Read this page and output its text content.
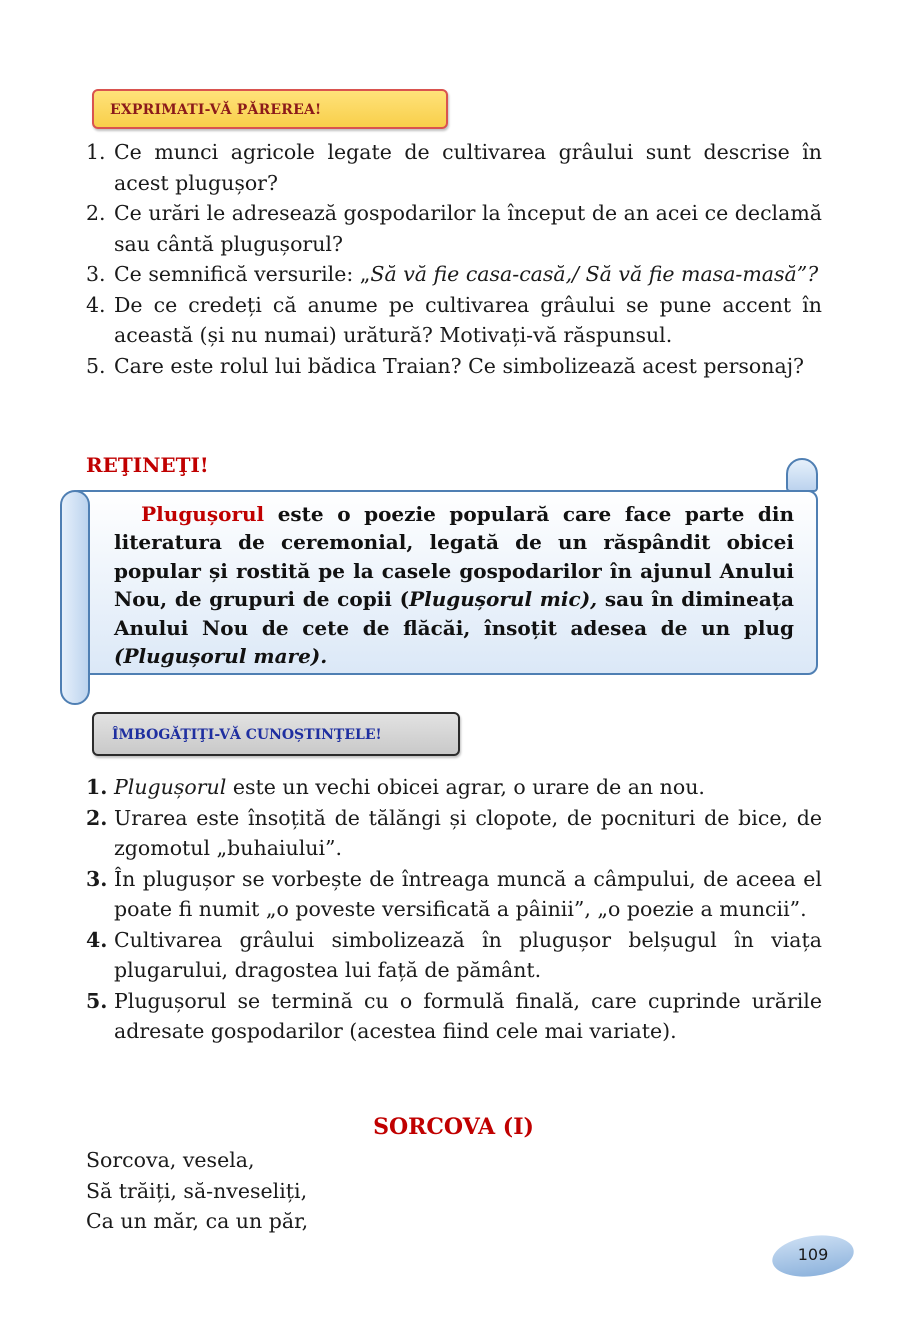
EXPRIMATI-VĂ PĂREREA!
1. Ce munci agricole legate de cultivarea grâului sunt descrise în acest plugușor?
2. Ce urări le adresează gospodarilor la început de an acei ce declamă sau cântă plugușorul?
3. Ce semnifică versurile: „Să vă fie casa-casă,/ Să vă fie masa-masă”?
4. De ce credeți că anume pe cultivarea grâului se pune accent în această (și nu numai) urătură? Motivați-vă răspunsul.
5. Care este rolul lui bădica Traian? Ce simbolizează acest personaj?
REŢINEŢI!
Plugușorul este o poezie populară care face parte din literatura de ceremonial, legată de un răspândit obicei popular și rostită pe la casele gospodarilor în ajunul Anului Nou, de grupuri de copii (Plugușorul mic), sau în dimineața Anului Nou de cete de flăcăi, însoțit adesea de un plug (Plugușorul mare).
ÎMBOGĂŢIŢI-VĂ CUNOȘTINŢELE!
1. Plugușorul este un vechi obicei agrar, o urare de an nou.
2. Urarea este însoțită de tălăngi și clopote, de pocnituri de bice, de zgomotul „buhaiului”.
3. În plugușor se vorbește de întreaga muncă a câmpului, de aceea el poate fi numit „o poveste versificată a pâinii”, „o poezie a muncii”.
4. Cultivarea grâului simbolizează în plugușor belșugul în viața plugarului, dragostea lui față de pământ.
5. Plugușorul se termină cu o formulă finală, care cuprinde urările adresate gospodarilor (acestea fiind cele mai variate).
SORCOVA (I)
Sorcova, vesela,
Să trăiți, să-nveseliți,
Ca un măr, ca un păr,
109
